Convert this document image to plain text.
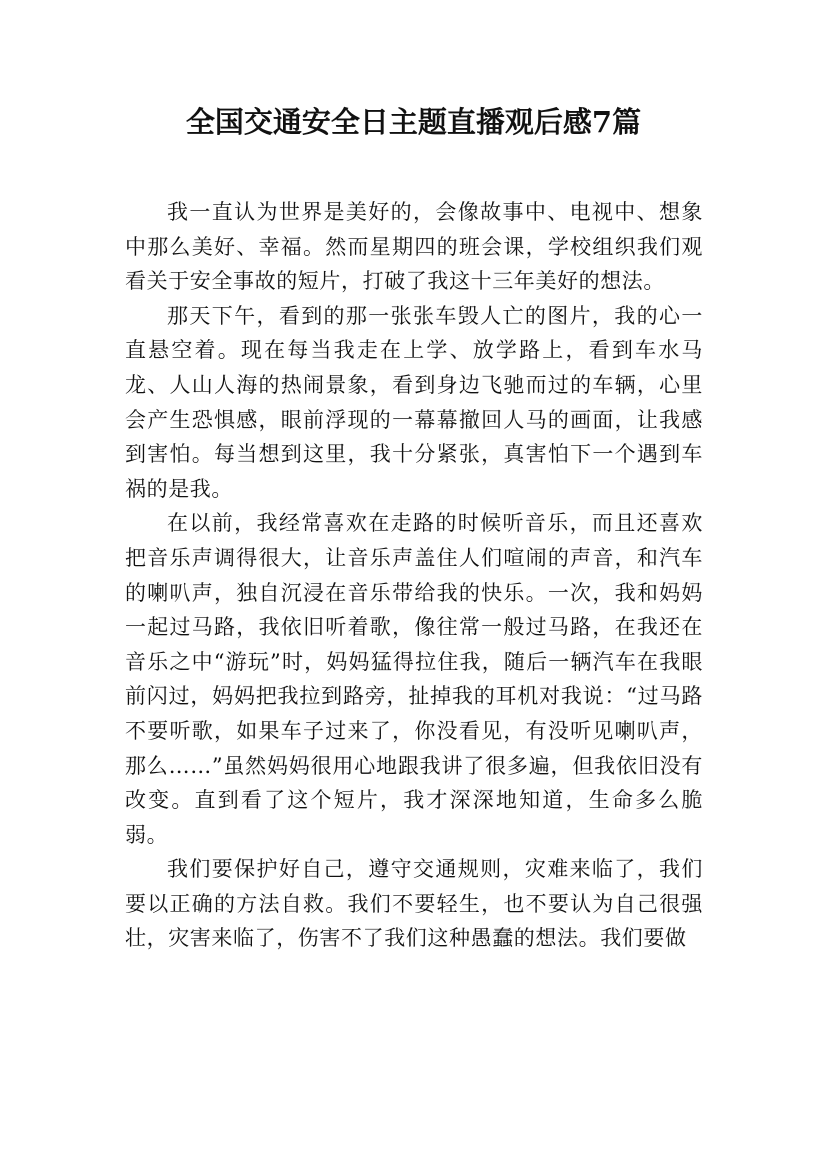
全国交通安全日主题直播观后感7篇

我一直认为世界是美好的，会像故事中、电视中、想象中那么美好、幸福。然而星期四的班会课，学校组织我们观看关于安全事故的短片，打破了我这十三年美好的想法。

那天下午，看到的那一张张车毁人亡的图片，我的心一直悬空着。现在每当我走在上学、放学路上，看到车水马龙、人山人海的热闹景象，看到身边飞驰而过的车辆，心里会产生恐惧感，眼前浮现的一幕幕撤回人马的画面，让我感到害怕。每当想到这里，我十分紧张，真害怕下一个遇到车祸的是我。

在以前，我经常喜欢在走路的时候听音乐，而且还喜欢把音乐声调得很大，让音乐声盖住人们喧闹的声音，和汽车的喇叭声，独自沉浸在音乐带给我的快乐。一次，我和妈妈一起过马路，我依旧听着歌，像往常一般过马路，在我还在音乐之中“游玩”时，妈妈猛得拉住我，随后一辆汽车在我眼前闪过，妈妈把我拉到路旁，扯掉我的耳机对我说：“过马路不要听歌，如果车子过来了，你没看见，有没听见喇叭声，那么……”虽然妈妈很用心地跟我讲了很多遍，但我依旧没有改变。直到看了这个短片，我才深深地知道，生命多么脆弱。

我们要保护好自己，遵守交通规则，灾难来临了，我们要以正确的方法自救。我们不要轻生，也不要认为自己很强壮，灾害来临了，伤害不了我们这种愚蠢的想法。我们要做
